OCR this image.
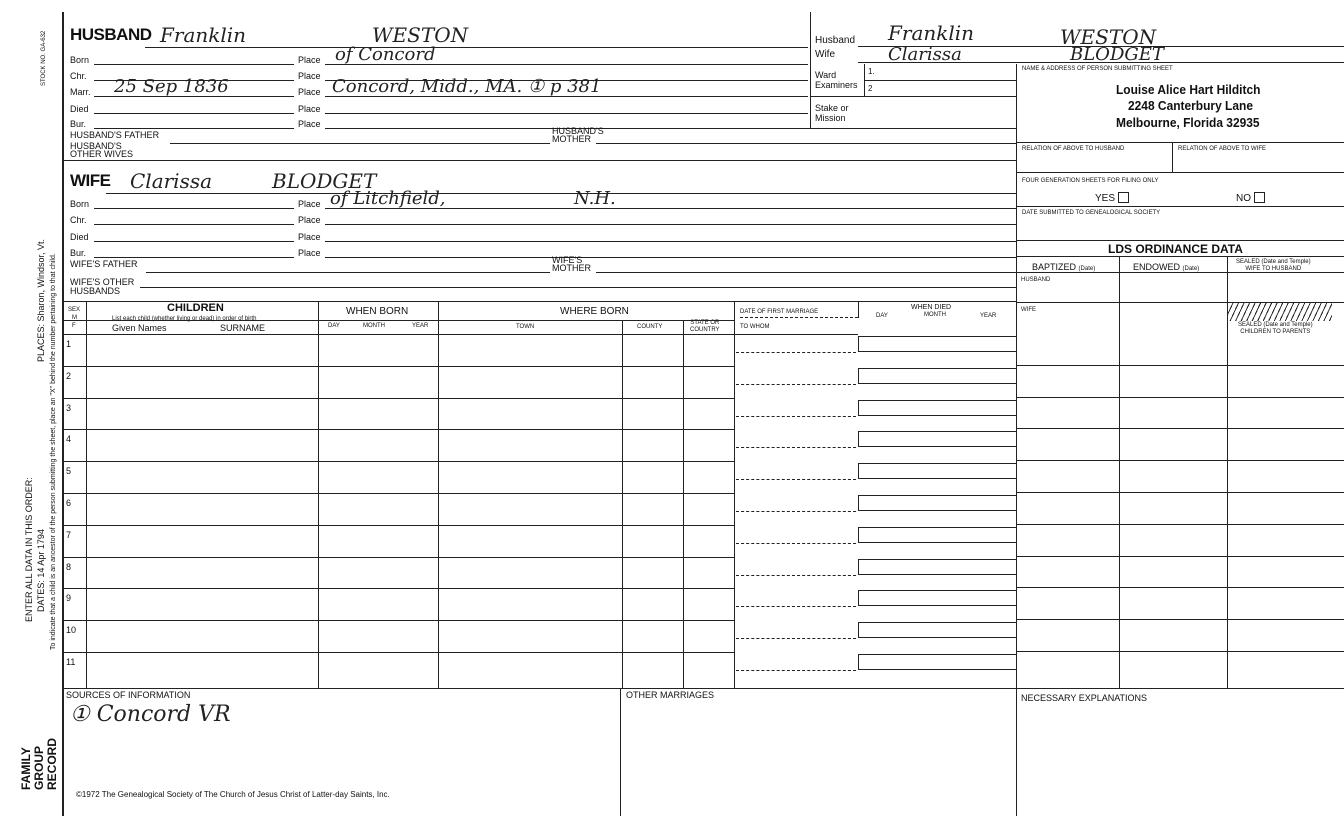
STOCK NO. GA-632
PLACES: Sharon, Windsor, Vt.
ENTER ALL DATA IN THIS ORDER: DATES: 14 Apr 1794 To indicate that a child is an ancestor of the person submitting the sheet, place an "X" behind the number pertaining to that child.
FAMILY GROUP RECORD
HUSBAND Franklin	WESTON
Born	Place of Concord
Chr.	Place
Marr. 25 Sep 1836	Place Concord, Midd., MA. ① p 381
Died	Place
Bur.	Place
HUSBAND'S FATHER	HUSBAND'S
MOTHER
HUSBAND'S
OTHER WIVES
WIFE Clarissa	BLODGET
Born	Place of Litchfield,	N.H.
Chr.	Place
Died	Place
Bur.	Place
WIFE'S FATHER	WIFE'S
MOTHER
WIFE'S OTHER
HUSBANDS
Husband Franklin	WESTON
Wife	Clarissa	BLODGET
Ward	1.
Examiners 2
Stake or
Mission
NAME & ADDRESS OF PERSON SUBMITTING SHEET
Louise Alice Hart Hilditch
2248 Canterbury Lane
Melbourne, Florida 32935
RELATION OF ABOVE TO HUSBAND	RELATION OF ABOVE TO WIFE
FOUR GENERATION SHEETS FOR FILING ONLY
YES	NO
DATE SUBMITTED TO GENEALOGICAL SOCIETY
LDS ORDINANCE DATA
BAPTIZED (Date)	ENDOWED (Date)
SEALED (Date and Temple)
WIFE TO HUSBAND
HUSBAND
WIFE
SEALED (Date and Temple)
CHILDREN TO PARENTS
SEX
M
F
CHILDREN
List each child (whether living or dead) in order of birth
Given Names	SURNAME
WHEN BORN
DAY	MONTH	YEAR
WHERE BORN
TOWN	COUNTY
STATE OR
COUNTRY
DATE OF FIRST MARRIAGE
TO WHOM
WHEN DIED
DAY	MONTH	YEAR
1
2
3
4
5
6
7
8
9
10
11
SOURCES OF INFORMATION
① Concord VR
OTHER MARRIAGES	NECESSARY EXPLANATIONS
©1972 The Genealogical Society of The Church of Jesus Christ of Latter-day Saints, Inc.
